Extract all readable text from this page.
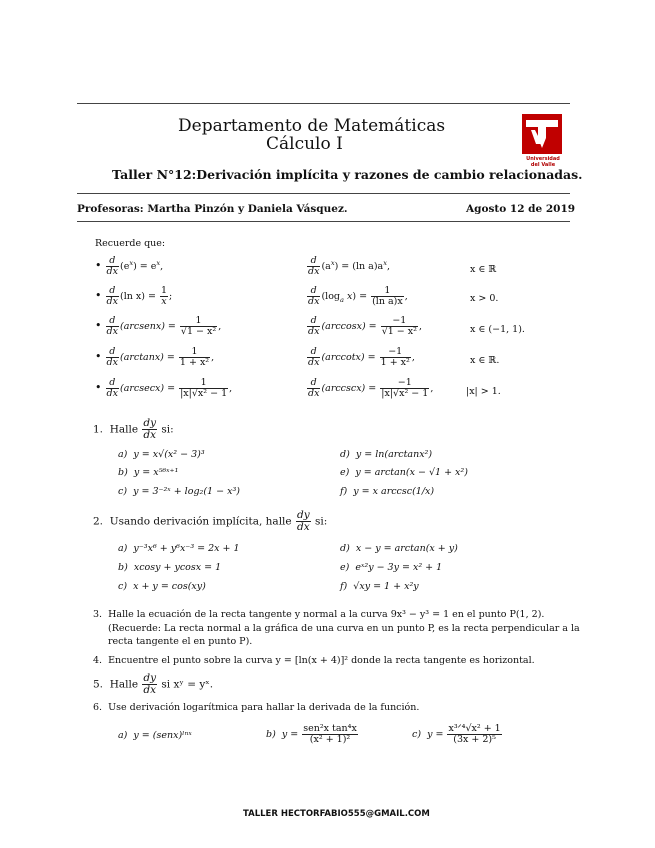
Departamento de Matemáticas
Cálculo I
Universidad
del Valle
Taller N°12:Derivación implícita y razones de cambio relacionadas.
Profesoras: Martha Pinzón y Daniela Vásquez.	Agosto 12 de 2019
Recuerde que:
• $\frac{d}{dx} (e^x) = e^x$,	$\frac{d}{dx} (a^x) = (\ln$ $a)a^x$,	x ∈ ℝ
• $\frac{d}{dx} (\ln$ $x) = \frac{1}{x}$ ;	$\frac{d}{dx} (\log_a$ $x) = \frac{1}{\text{(ln a)x}}$ ,	x > 0.
• $\frac{d}{dx}$ (arcsenx) = $\frac{1}{\text{√1 − x²}}$ ,	$\frac{d}{dx} (\arccos x) = \frac{-1}{\text{√1 − x²}}$ ,	x ∈ (−1, 1).
• $\frac{d}{dx} (\arctan x) = \frac{1}{\text{1 + x²}}$ ,	$\frac{d}{dx} (arccotx) = \frac{-1}{\text{1 + x²}}$ ,	x ∈ ℝ.
• $\frac{d}{dx} (arcsecx) = \frac{1}{\text{|x|√x² − 1}}$ ,	$\frac{d}{dx} (arccscx) = \frac{-1}{\text{|x|√x² − 1}}$ ,	|x| > 1.
1. Halle $\frac{dy}{dx}$ si:
a) y = x√(x² − 3)³	d) y = ln(arctanx²)
b) y = x⁵⁶ˣ⁺¹	e) y = arctan(x − √1 + x²)
c) y = 3⁻²ˣ + log₂(1 − x³)	f) y = x arccsc(1/x)
2. Usando derivación implícita, halle $\frac{dy}{dx}$ si:
a) y⁻³x⁶ + y⁶x⁻³ = 2x + 1	d) x − y = arctan(x + y)
b) xcosy + ycosx = 1	e) eˣ²y − 3y = x² + 1
c) x + y = cos(xy)	f) √xy = 1 + x²y
3. Halle la ecuación de la recta tangente y normal a la curva 9x³ − y³ = 1 en el punto P(1, 2).
(Recuerde: La recta normal a la gráfica de una curva en un punto P, es la recta perpendicular a la
recta tangente el en punto P).
4. Encuentre el punto sobre la curva y = [ln(x + 4)]² donde la recta tangente es horizontal.
5. Halle $\frac{dy}{dx}$ si xʸ = yˣ.
6. Use derivación logarítmica para hallar la derivada de la función.
a) y = (senx)ˡⁿˣ	b) $y = \frac{\text{sen²x tan⁴x}}{\text{(x² + 1)²}}$	c) $y = \frac{\text{x³ᐟ⁴√x² + 1}}{\text{(3x + 2)⁵}}$
TALLER HECTORFABIO555@GMAIL.COM
